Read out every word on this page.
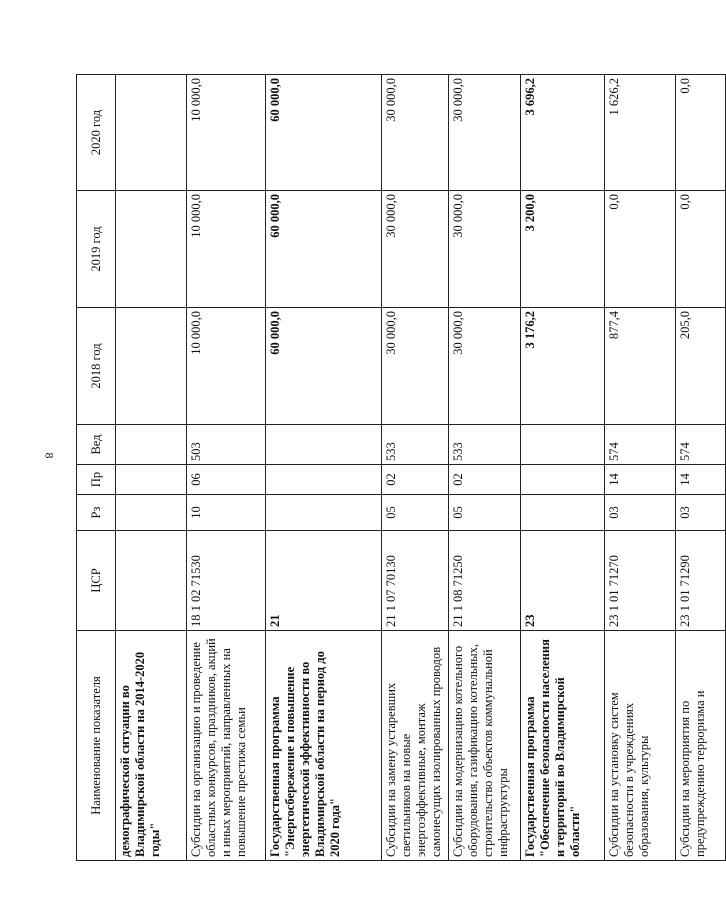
8
Наименование показателя	ЦСР	Рз	Пр	Вед	2018 год	2019 год	2020 год
демографической ситуации во Владимирской области на 2014-2020 годы"							
Субсидии на организацию и проведение областных конкурсов, праздников, акций и иных мероприятий, направленных на повышение престижа семьи	18 1 02 71530	10	06	503	10 000,0	10 000,0	10 000,0
Государственная программа "Энергосбережение и повышение энергетической эффективности во Владимирской области на период до 2020 года"	21				60 000,0	60 000,0	60 000,0
Субсидии на замену устаревших светильников на новые энергоэффективные, монтаж самонесущих изолированных проводов	21 1 07 70130	05	02	533	30 000,0	30 000,0	30 000,0
Субсидии на модернизацию котельного оборудования, газификацию котельных, строительство объектов коммунальной инфраструктуры	21 1 08 71250	05	02	533	30 000,0	30 000,0	30 000,0
Государственная программа "Обеспечение безопасности населения и территорий во Владимирской области"	23				3 176,2	3 200,0	3 696,2
Субсидии на установку систем безопасности в учреждениях образования, культуры	23 1 01 71270	03	14	574	877,4	0,0	1 626,2
Субсидии на мероприятия по предупреждению терроризма и	23 1 01 71290	03	14	574	205,0	0,0	0,0
